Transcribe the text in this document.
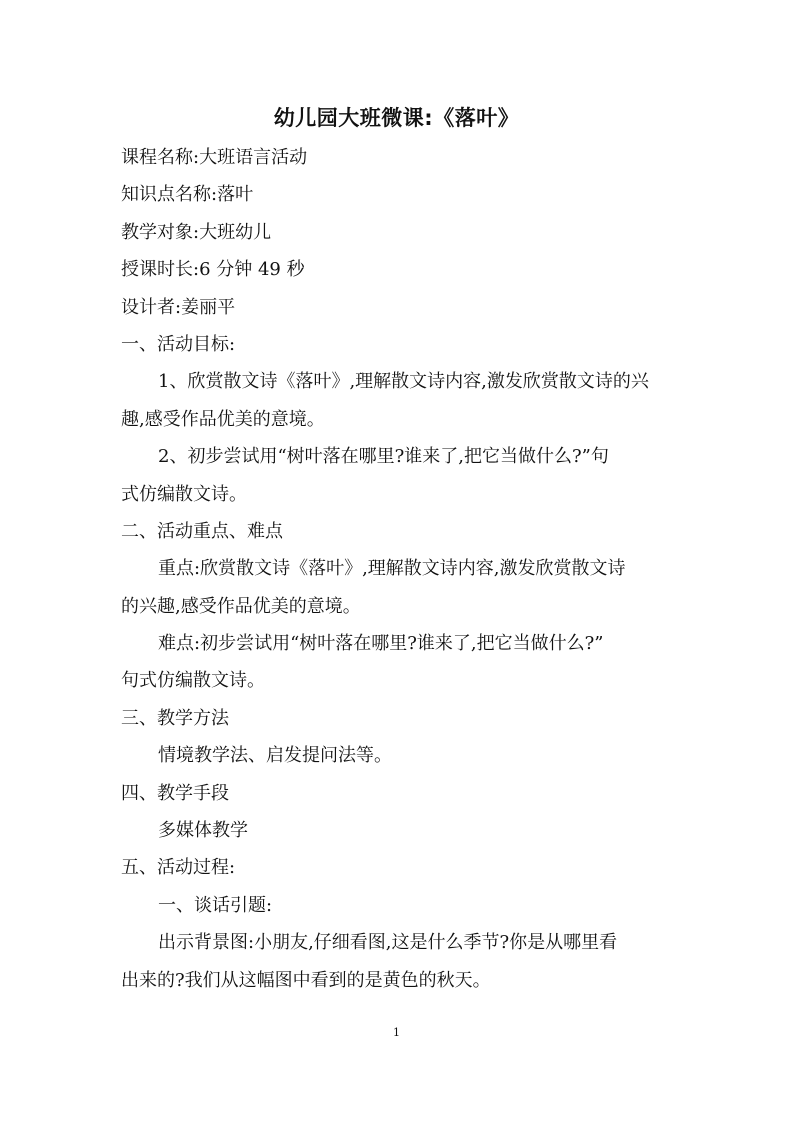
幼儿园大班微课:《落叶》
课程名称:大班语言活动
知识点名称:落叶
教学对象:大班幼儿
授课时长:6 分钟 49 秒
设计者:姜丽平
一、活动目标:
1、欣赏散文诗《落叶》,理解散文诗内容,激发欣赏散文诗的兴
趣,感受作品优美的意境。
2、初步尝试用“树叶落在哪里?谁来了,把它当做什么?”句
式仿编散文诗。
二、活动重点、难点
重点:欣赏散文诗《落叶》,理解散文诗内容,激发欣赏散文诗
的兴趣,感受作品优美的意境。
难点:初步尝试用“树叶落在哪里?谁来了,把它当做什么?”
句式仿编散文诗。
三、教学方法
情境教学法、启发提问法等。
四、教学手段
多媒体教学
五、活动过程:
一、谈话引题:
出示背景图:小朋友,仔细看图,这是什么季节?你是从哪里看
出来的?我们从这幅图中看到的是黄色的秋天。
1
